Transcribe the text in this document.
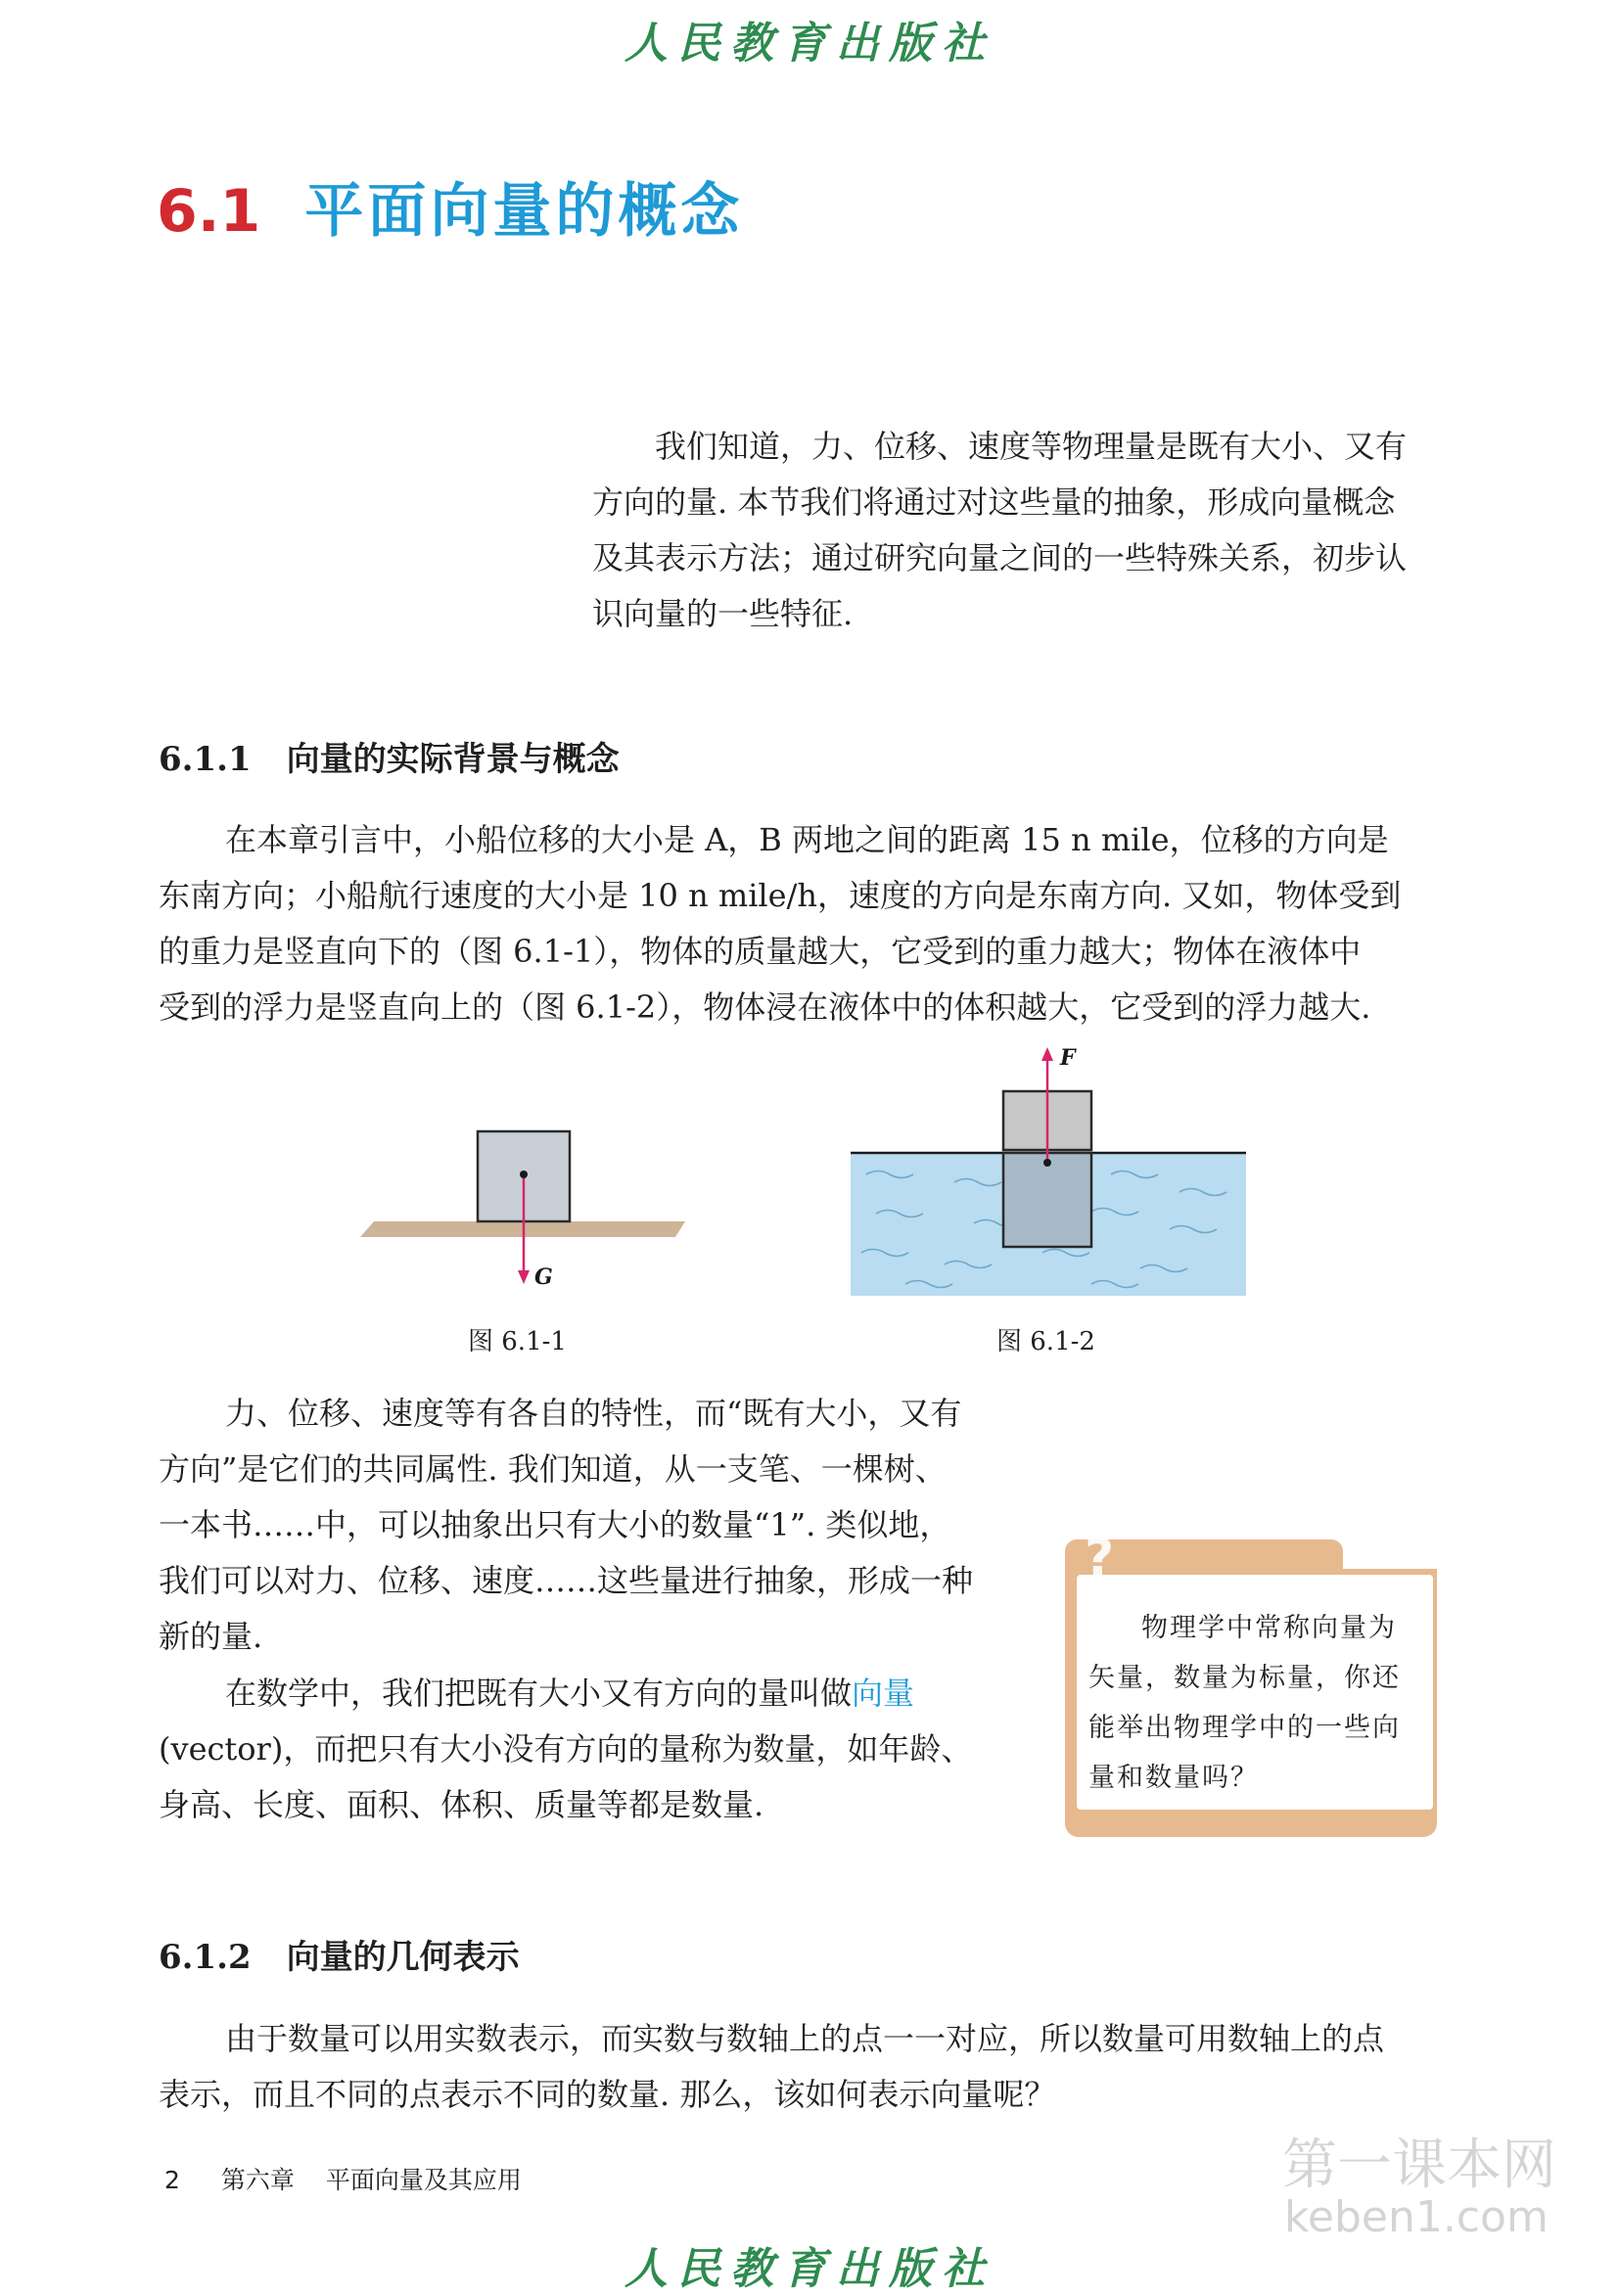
人民教育出版社
6.1 平面向量的概念
我们知道，力、位移、速度等物理量是既有大小、又有
方向的量. 本节我们将通过对这些量的抽象，形成向量概念
及其表示方法；通过研究向量之间的一些特殊关系，初步认
识向量的一些特征.
6.1.1 向量的实际背景与概念
在本章引言中，小船位移的大小是 A，B 两地之间的距离 15 n mile，位移的方向是
东南方向；小船航行速度的大小是 10 n mile/h，速度的方向是东南方向. 又如，物体受到
的重力是竖直向下的（图 6.1-1），物体的质量越大，它受到的重力越大；物体在液体中
受到的浮力是竖直向上的（图 6.1-2），物体浸在液体中的体积越大，它受到的浮力越大.
G
图 6.1-1
F
图 6.1-2
力、位移、速度等有各自的特性，而“既有大小，又有
方向”是它们的共同属性. 我们知道，从一支笔、一棵树、
一本书……中，可以抽象出只有大小的数量“1”. 类似地，
我们可以对力、位移、速度……这些量进行抽象，形成一种
新的量.
在数学中，我们把既有大小又有方向的量叫做向量
(vector)，而把只有大小没有方向的量称为数量，如年龄、
身高、长度、面积、体积、质量等都是数量.
?
物理学中常称向量为
矢量，数量为标量，你还
能举出物理学中的一些向
量和数量吗？
6.1.2 向量的几何表示
由于数量可以用实数表示，而实数与数轴上的点一一对应，所以数量可用数轴上的点
表示，而且不同的点表示不同的数量. 那么，该如何表示向量呢？
2 第六章 平面向量及其应用	第一课本网
keben1.com
人民教育出版社
